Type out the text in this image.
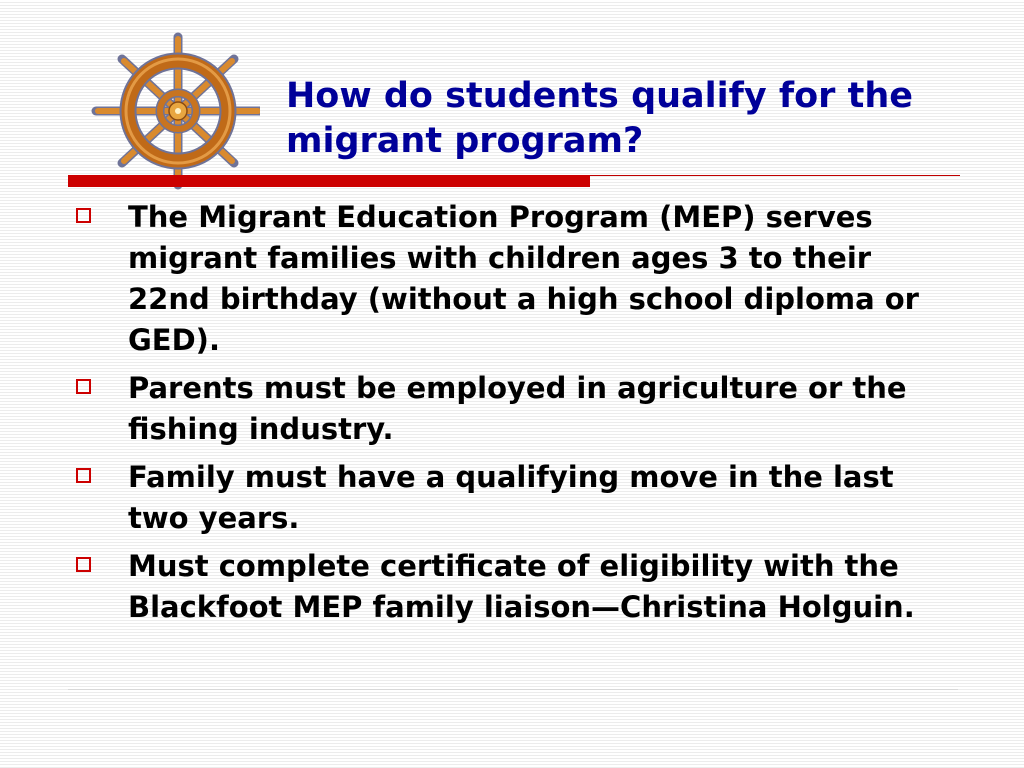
How do students qualify for the migrant program?
The Migrant Education Program (MEP) serves migrant families with children ages 3 to their 22nd birthday (without a high school diploma or GED).
Parents must be employed in agriculture or the fishing industry.
Family must have a qualifying move in the last two years.
Must complete certificate of eligibility with the Blackfoot MEP family liaison—Christina Holguin.
